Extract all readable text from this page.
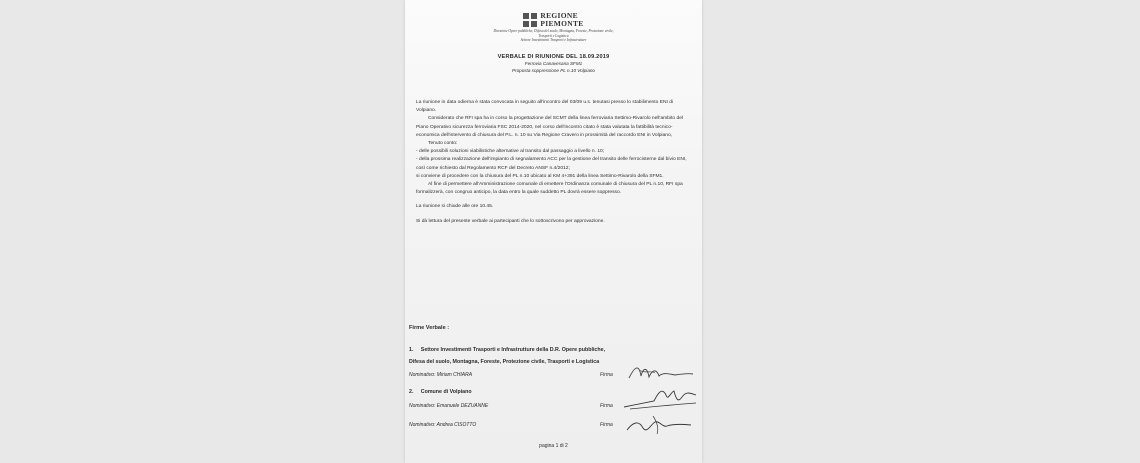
REGIONE
PIEMONTE
Direzione Opere pubbliche, Difesa del suolo, Montagna, Foreste, Protezione civile,
Trasporti e Logistica
Settore Investimenti Trasporti e Infrastrutture
VERBALE DI RIUNIONE DEL 18.09.2019
Ferrovia Canavesana SFM1
Proposta soppressione PL n.10 Volpiano

La riunione in data odierna è stata convocata in seguito all'incontro del 03/09 u.s. tenutasi presso lo stabilimento ENI di Volpiano.

Considerato che RFI spa ha in corso la progettazione del SCMT della linea ferroviaria Settimo-Rivarolo nell'ambito del Piano Operativo sicurezza ferroviaria FSC 2014-2020, nel corso dell'incontro citato è stata valutata la fattibilità tecnico-economica dell'intervento di chiusura del P.L. n. 10 su Via Regione Cravero in prossimità del raccordo ENI in Volpiano,

Tenuto conto:

- delle possibili soluzioni viabilistiche alternative al transito dal passaggio a livello n. 10;

- della prossima realizzazione dell'impianto di segnalamento ACC per la gestione del transito delle ferrocisterne dal bivio ENI, così come richiesto dal Regolamento RCF del Decreto ANSF n.4/2012;

si conviene di procedere con la chiusura del PL n.10 ubicato al KM 4+391 della linea Settimo-Rivarolo della SFM1.

Al fine di permettere all'Amministrazione comunale di emettere l'Ordinanza comunale di chiusura del PL n.10, RFI spa formalizzerà, con congruo anticipo, la data entro la quale suddetto PL dovrà essere soppresso.

La riunione si chiude alle ore 10.45.

Si dà lettura del presente verbale ai partecipanti che lo sottoscrivono per approvazione.

Firme Verbale :
1. Settore Investimenti Trasporti e Infrastrutture della D.R. Opere pubbliche,
Difesa del suolo, Montagna, Foreste, Protezione civile, Trasporti e Logistica
Nominativo: Miriam CHIARA	Firma
2. Comune di Volpiano
Nominativo: Emanuele DEZUANNE	Firma
Nominativo: Andrea CISOTTO	Firma
pagina 1 di 2
